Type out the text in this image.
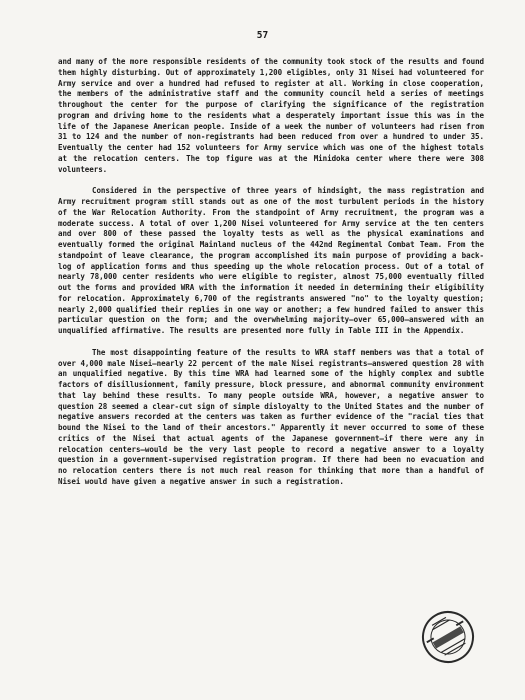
57

and many of the more responsible residents of the community took stock of the results and found them highly disturbing. Out of approximately 1,200 eligibles, only 31 Nisei had volunteered for Army service and over a hundred had refused to register at all. Working in close cooperation, the members of the administrative staff and the community council held a series of meetings throughout the center for the purpose of clarifying the significance of the registration program and driving home to the residents what a desperately important issue this was in the life of the Japanese American people. Inside of a week the number of volunteers had risen from 31 to 124 and the number of non-registrants had been reduced from over a hundred to under 35. Eventually the center had 152 volunteers for Army service which was one of the highest totals at the relocation centers. The top figure was at the Minidoka center where there were 308 volunteers.

Considered in the perspective of three years of hindsight, the mass registration and Army recruitment program still stands out as one of the most turbulent periods in the history of the War Relocation Authority. From the standpoint of Army recruitment, the program was a moderate success. A total of over 1,200 Nisei volunteered for Army service at the ten centers and over 800 of these passed the loyalty tests as well as the physical examinations and eventually formed the original Mainland nucleus of the 442nd Regimental Combat Team. From the standpoint of leave clearance, the program accomplished its main purpose of providing a back-log of application forms and thus speeding up the whole relocation process. Out of a total of nearly 78,000 center residents who were eligible to register, almost 75,000 eventually filled out the forms and provided WRA with the information it needed in determining their eligibility for relocation. Approximately 6,700 of the registrants answered "no" to the loyalty question; nearly 2,000 qualified their replies in one way or another; a few hundred failed to answer this particular question on the form; and the overwhelming majority—over 65,000—answered with an unqualified affirmative. The results are presented more fully in Table III in the Appendix.

The most disappointing feature of the results to WRA staff members was that a total of over 4,000 male Nisei—nearly 22 percent of the male Nisei registrants—answered question 28 with an unqualified negative. By this time WRA had learned some of the highly complex and subtle factors of disillusionment, family pressure, block pressure, and abnormal community environment that lay behind these results. To many people outside WRA, however, a negative answer to question 28 seemed a clear-cut sign of simple disloyalty to the United States and the number of negative answers recorded at the centers was taken as further evidence of the "racial ties that bound the Nisei to the land of their ancestors." Apparently it never occurred to some of these critics of the Nisei that actual agents of the Japanese government—if there were any in relocation centers—would be the very last people to record a negative answer to a loyalty question in a government-supervised registration program. If there had been no evacuation and no relocation centers there is not much real reason for thinking that more than a handful of Nisei would have given a negative answer in such a registration.
